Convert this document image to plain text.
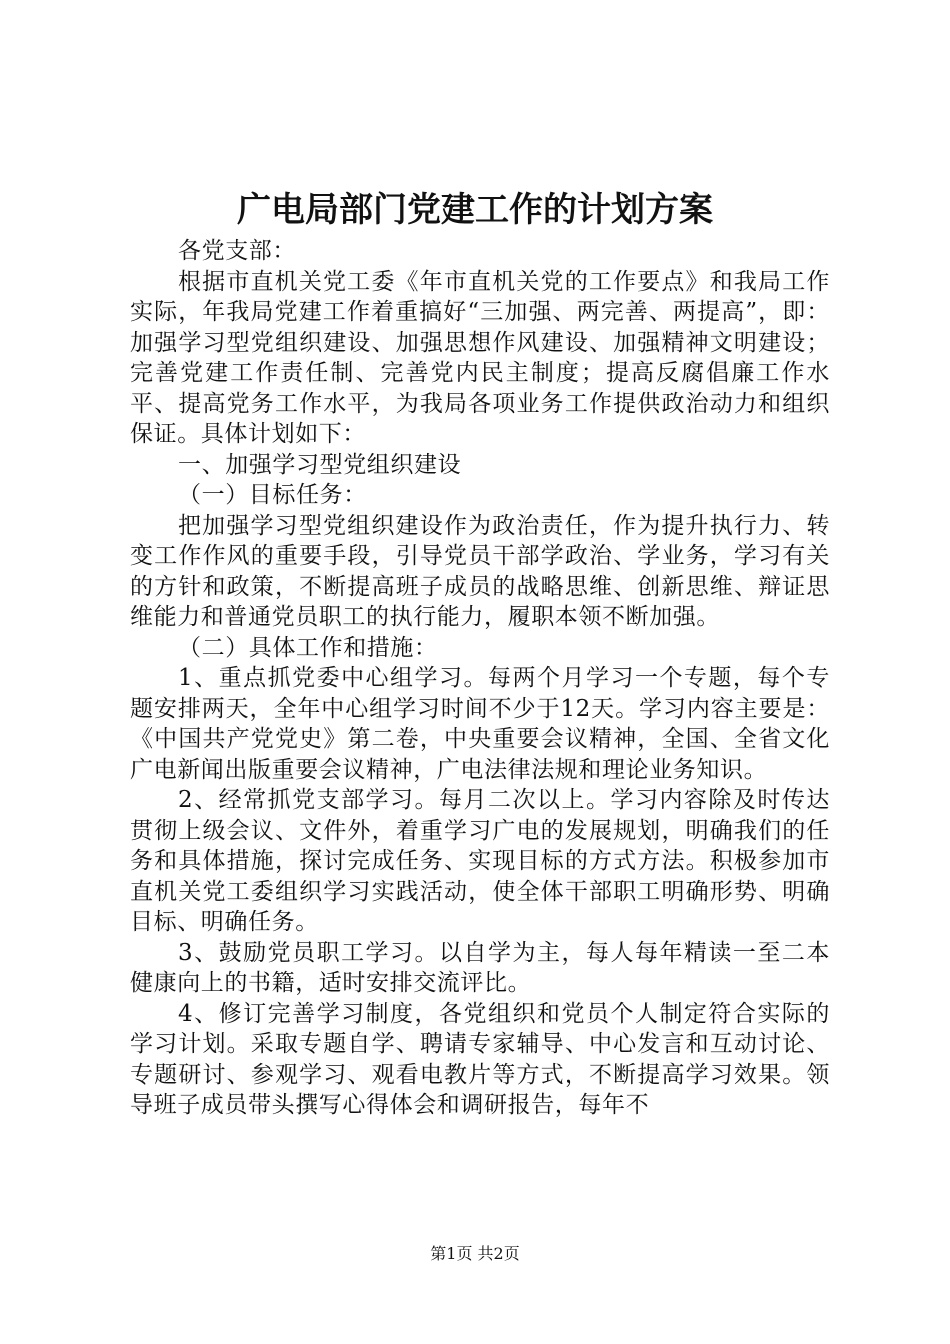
广电局部门党建工作的计划方案

各党支部：

根据市直机关党工委《年市直机关党的工作要点》和我局工作实际，年我局党建工作着重搞好“三加强、两完善、两提高”，即：加强学习型党组织建设、加强思想作风建设、加强精神文明建设；完善党建工作责任制、完善党内民主制度；提高反腐倡廉工作水平、提高党务工作水平，为我局各项业务工作提供政治动力和组织保证。具体计划如下：

一、加强学习型党组织建设

（一）目标任务：

把加强学习型党组织建设作为政治责任，作为提升执行力、转变工作作风的重要手段，引导党员干部学政治、学业务，学习有关的方针和政策，不断提高班子成员的战略思维、创新思维、辩证思维能力和普通党员职工的执行能力，履职本领不断加强。

（二）具体工作和措施：

1、重点抓党委中心组学习。每两个月学习一个专题，每个专题安排两天，全年中心组学习时间不少于12天。学习内容主要是：《中国共产党党史》第二卷，中央重要会议精神，全国、全省文化广电新闻出版重要会议精神，广电法律法规和理论业务知识。

2、经常抓党支部学习。每月二次以上。学习内容除及时传达贯彻上级会议、文件外，着重学习广电的发展规划，明确我们的任务和具体措施，探讨完成任务、实现目标的方式方法。积极参加市直机关党工委组织学习实践活动，使全体干部职工明确形势、明确目标、明确任务。

3、鼓励党员职工学习。以自学为主，每人每年精读一至二本健康向上的书籍，适时安排交流评比。

4、修订完善学习制度，各党组织和党员个人制定符合实际的学习计划。采取专题自学、聘请专家辅导、中心发言和互动讨论、专题研讨、参观学习、观看电教片等方式，不断提高学习效果。领导班子成员带头撰写心得体会和调研报告，每年不

第1页 共2页
